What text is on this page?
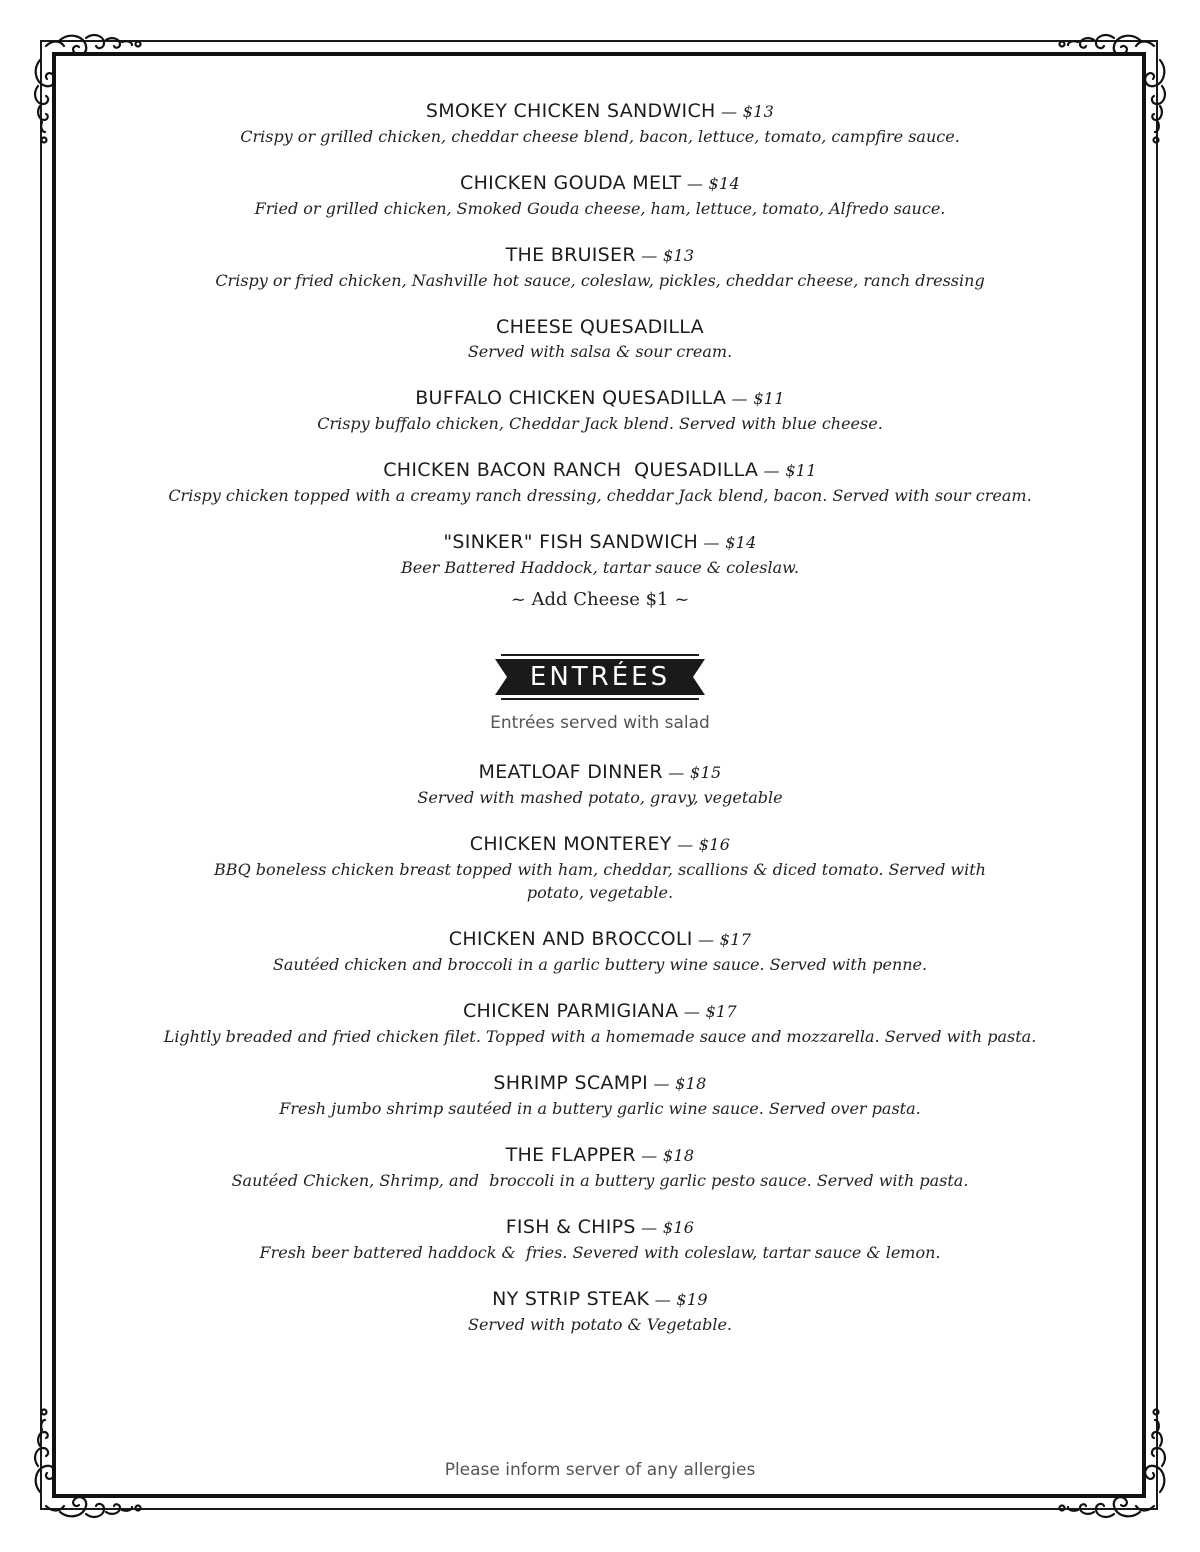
SMOKEY CHICKEN SANDWICH — $13
Crispy or grilled chicken, cheddar cheese blend, bacon, lettuce, tomato, campfire sauce.
CHICKEN GOUDA MELT — $14
Fried or grilled chicken, Smoked Gouda cheese, ham, lettuce, tomato, Alfredo sauce.
THE BRUISER — $13
Crispy or fried chicken, Nashville hot sauce, coleslaw, pickles, cheddar cheese, ranch dressing
CHEESE QUESADILLA
Served with salsa & sour cream.
BUFFALO CHICKEN QUESADILLA — $11
Crispy buffalo chicken, Cheddar Jack blend. Served with blue cheese.
CHICKEN BACON RANCH  QUESADILLA — $11
Crispy chicken topped with a creamy ranch dressing, cheddar Jack blend, bacon. Served with sour cream.
"SINKER" FISH SANDWICH — $14
Beer Battered Haddock, tartar sauce & coleslaw.
~ Add Cheese $1 ~
ENTRÉES
Entrées served with salad
MEATLOAF DINNER — $15
Served with mashed potato, gravy, vegetable
CHICKEN MONTEREY — $16
BBQ boneless chicken breast topped with ham, cheddar, scallions & diced tomato. Served with potato, vegetable.
CHICKEN AND BROCCOLI — $17
Sautéed chicken and broccoli in a garlic buttery wine sauce. Served with penne.
CHICKEN PARMIGIANA — $17
Lightly breaded and fried chicken filet. Topped with a homemade sauce and mozzarella. Served with pasta.
SHRIMP SCAMPI — $18
Fresh jumbo shrimp sautéed in a buttery garlic wine sauce. Served over pasta.
THE FLAPPER — $18
Sautéed Chicken, Shrimp, and  broccoli in a buttery garlic pesto sauce. Served with pasta.
FISH & CHIPS — $16
Fresh beer battered haddock &  fries. Severed with coleslaw, tartar sauce & lemon.
NY STRIP STEAK — $19
Served with potato & Vegetable.
Please inform server of any allergies
